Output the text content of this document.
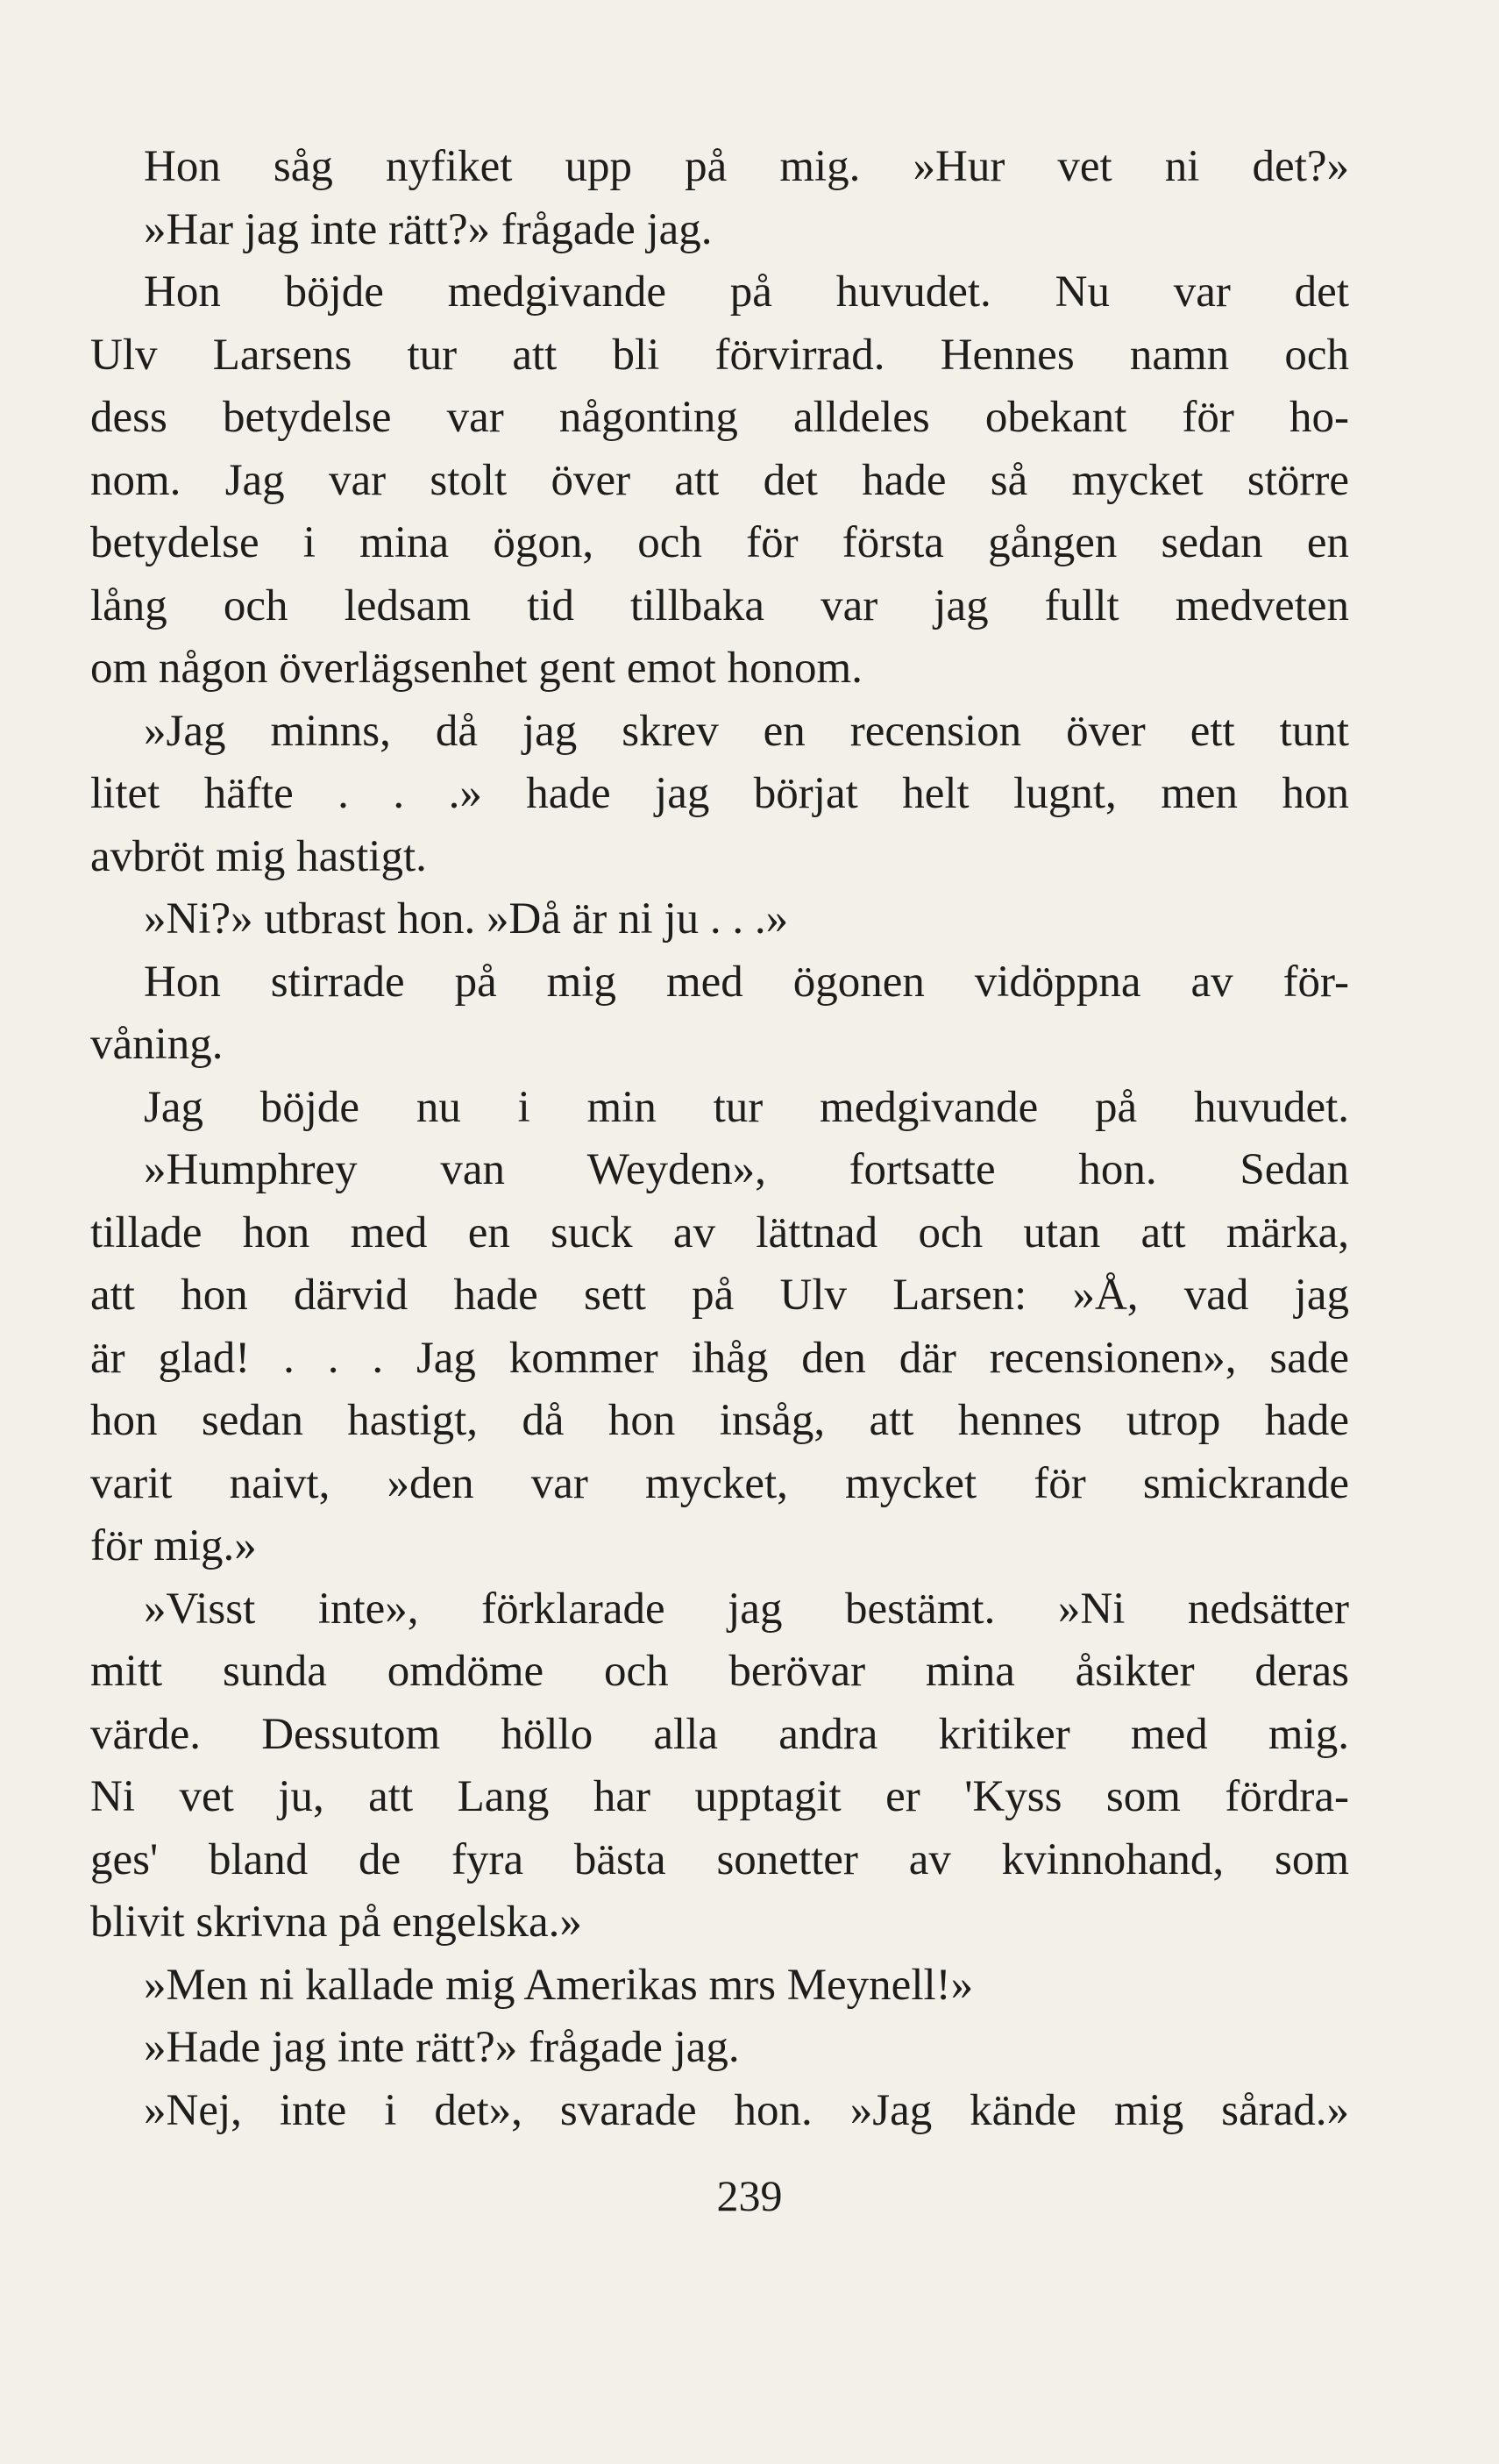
Hon såg nyfiket upp på mig. »Hur vet ni det?»
»Har jag inte rätt?» frågade jag.
Hon böjde medgivande på huvudet. Nu var det
Ulv Larsens tur att bli förvirrad. Hennes namn och
dess betydelse var någonting alldeles obekant för ho-
nom. Jag var stolt över att det hade så mycket större
betydelse i mina ögon, och för första gången sedan en
lång och ledsam tid tillbaka var jag fullt medveten
om någon överlägsenhet gent emot honom.
»Jag minns, då jag skrev en recension över ett tunt
litet häfte . . .» hade jag börjat helt lugnt, men hon
avbröt mig hastigt.
»Ni?» utbrast hon. »Då är ni ju . . .»
Hon stirrade på mig med ögonen vidöppna av för-
våning.
Jag böjde nu i min tur medgivande på huvudet.
»Humphrey van Weyden», fortsatte hon. Sedan
tillade hon med en suck av lättnad och utan att märka,
att hon därvid hade sett på Ulv Larsen: »Å, vad jag
är glad! . . . Jag kommer ihåg den där recensionen», sade
hon sedan hastigt, då hon insåg, att hennes utrop hade
varit naivt, »den var mycket, mycket för smickrande
för mig.»
»Visst inte», förklarade jag bestämt. »Ni nedsätter
mitt sunda omdöme och berövar mina åsikter deras
värde. Dessutom höllo alla andra kritiker med mig.
Ni vet ju, att Lang har upptagit er 'Kyss som fördra-
ges' bland de fyra bästa sonetter av kvinnohand, som
blivit skrivna på engelska.»
»Men ni kallade mig Amerikas mrs Meynell!»
»Hade jag inte rätt?» frågade jag.
»Nej, inte i det», svarade hon. »Jag kände mig sårad.»
239
